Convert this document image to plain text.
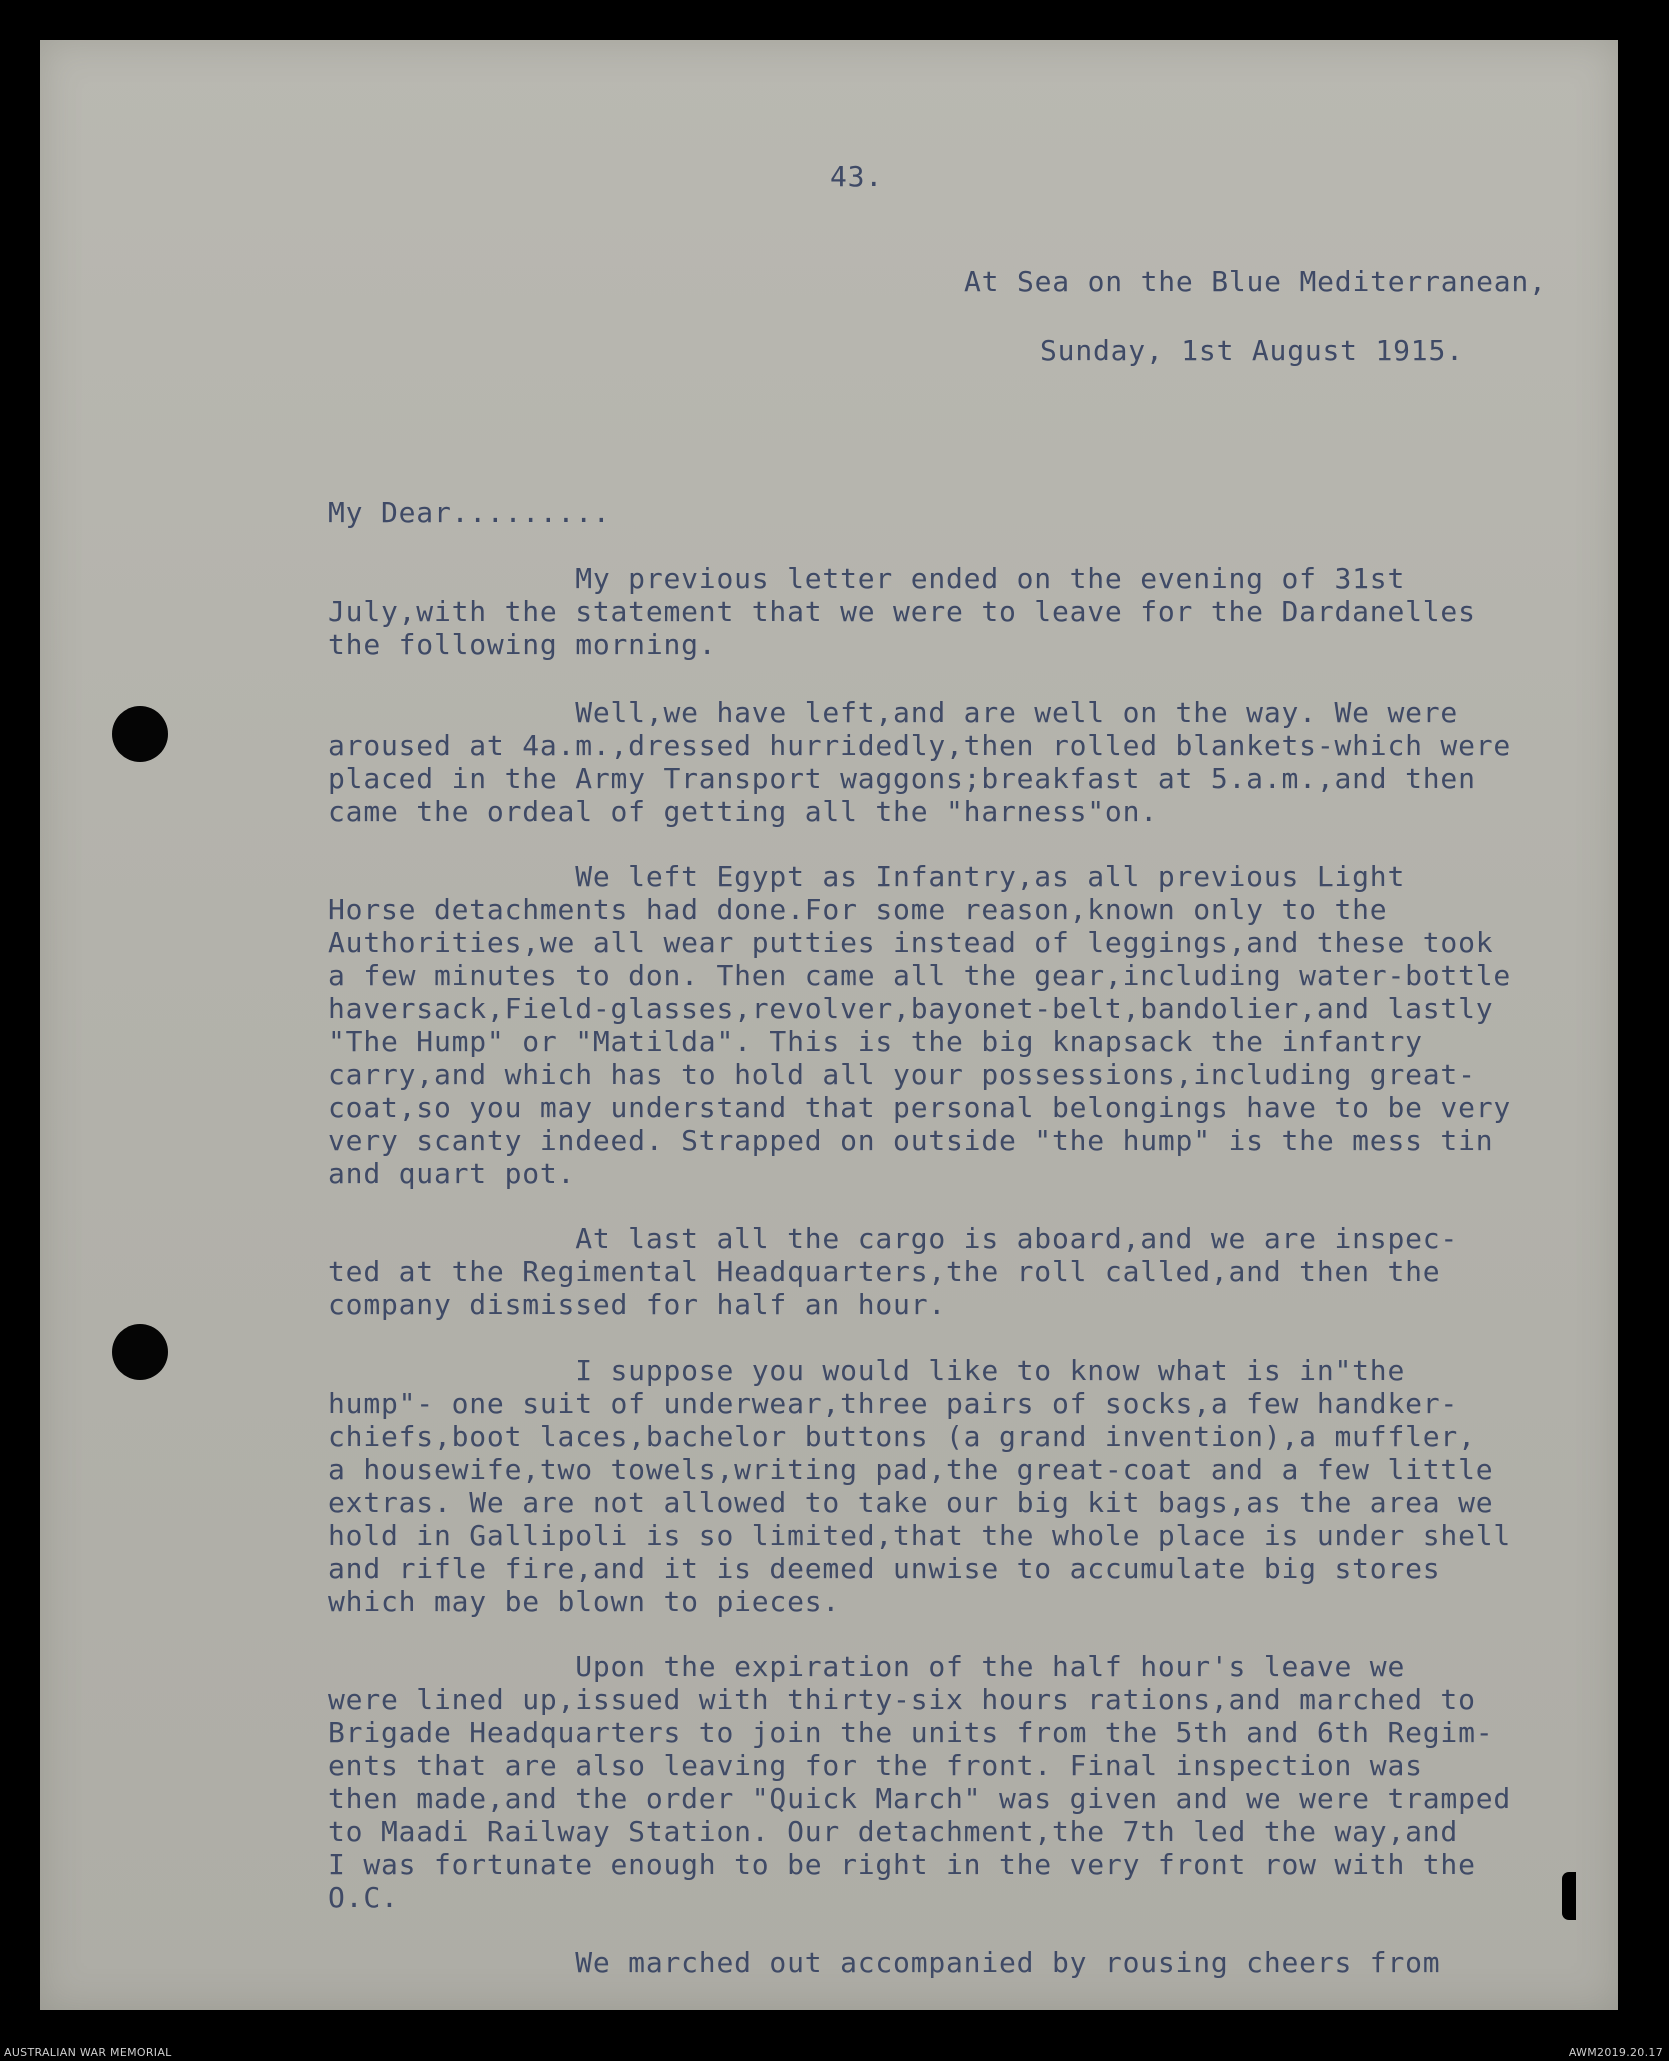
43.

At Sea on the Blue Mediterranean,

Sunday, 1st August 1915.

My Dear.........

My previous letter ended on the evening of 31st
July,with the statement that we were to leave for the Dardanelles
the following morning.

Well,we have left,and are well on the way. We were
aroused at 4a.m.,dressed hurridedly,then rolled blankets-which were
placed in the Army Transport waggons;breakfast at 5.a.m.,and then
came the ordeal of getting all the "harness"on.

We left Egypt as Infantry,as all previous Light
Horse detachments had done.For some reason,known only to the
Authorities,we all wear putties instead of leggings,and these took
a few minutes to don. Then came all the gear,including water-bottle
haversack,Field-glasses,revolver,bayonet-belt,bandolier,and lastly
"The Hump" or "Matilda". This is the big knapsack the infantry
carry,and which has to hold all your possessions,including great-
coat,so you may understand that personal belongings have to be very
very scanty indeed. Strapped on outside "the hump" is the mess tin
and quart pot.

At last all the cargo is aboard,and we are inspec-
ted at the Regimental Headquarters,the roll called,and then the
company dismissed for half an hour.

I suppose you would like to know what is in"the
hump"- one suit of underwear,three pairs of socks,a few handker-
chiefs,boot laces,bachelor buttons (a grand invention),a muffler,
a housewife,two towels,writing pad,the great-coat and a few little
extras. We are not allowed to take our big kit bags,as the area we
hold in Gallipoli is so limited,that the whole place is under shell
and rifle fire,and it is deemed unwise to accumulate big stores
which may be blown to pieces.

Upon the expiration of the half hour's leave we
were lined up,issued with thirty-six hours rations,and marched to
Brigade Headquarters to join the units from the 5th and 6th Regim-
ents that are also leaving for the front. Final inspection was
then made,and the order "Quick March" was given and we were tramped
to Maadi Railway Station. Our detachment,the 7th led the way,and
I was fortunate enough to be right in the very front row with the
O.C.

We marched out accompanied by rousing cheers from

AUSTRALIAN WAR MEMORIAL	AWM2019.20.17
